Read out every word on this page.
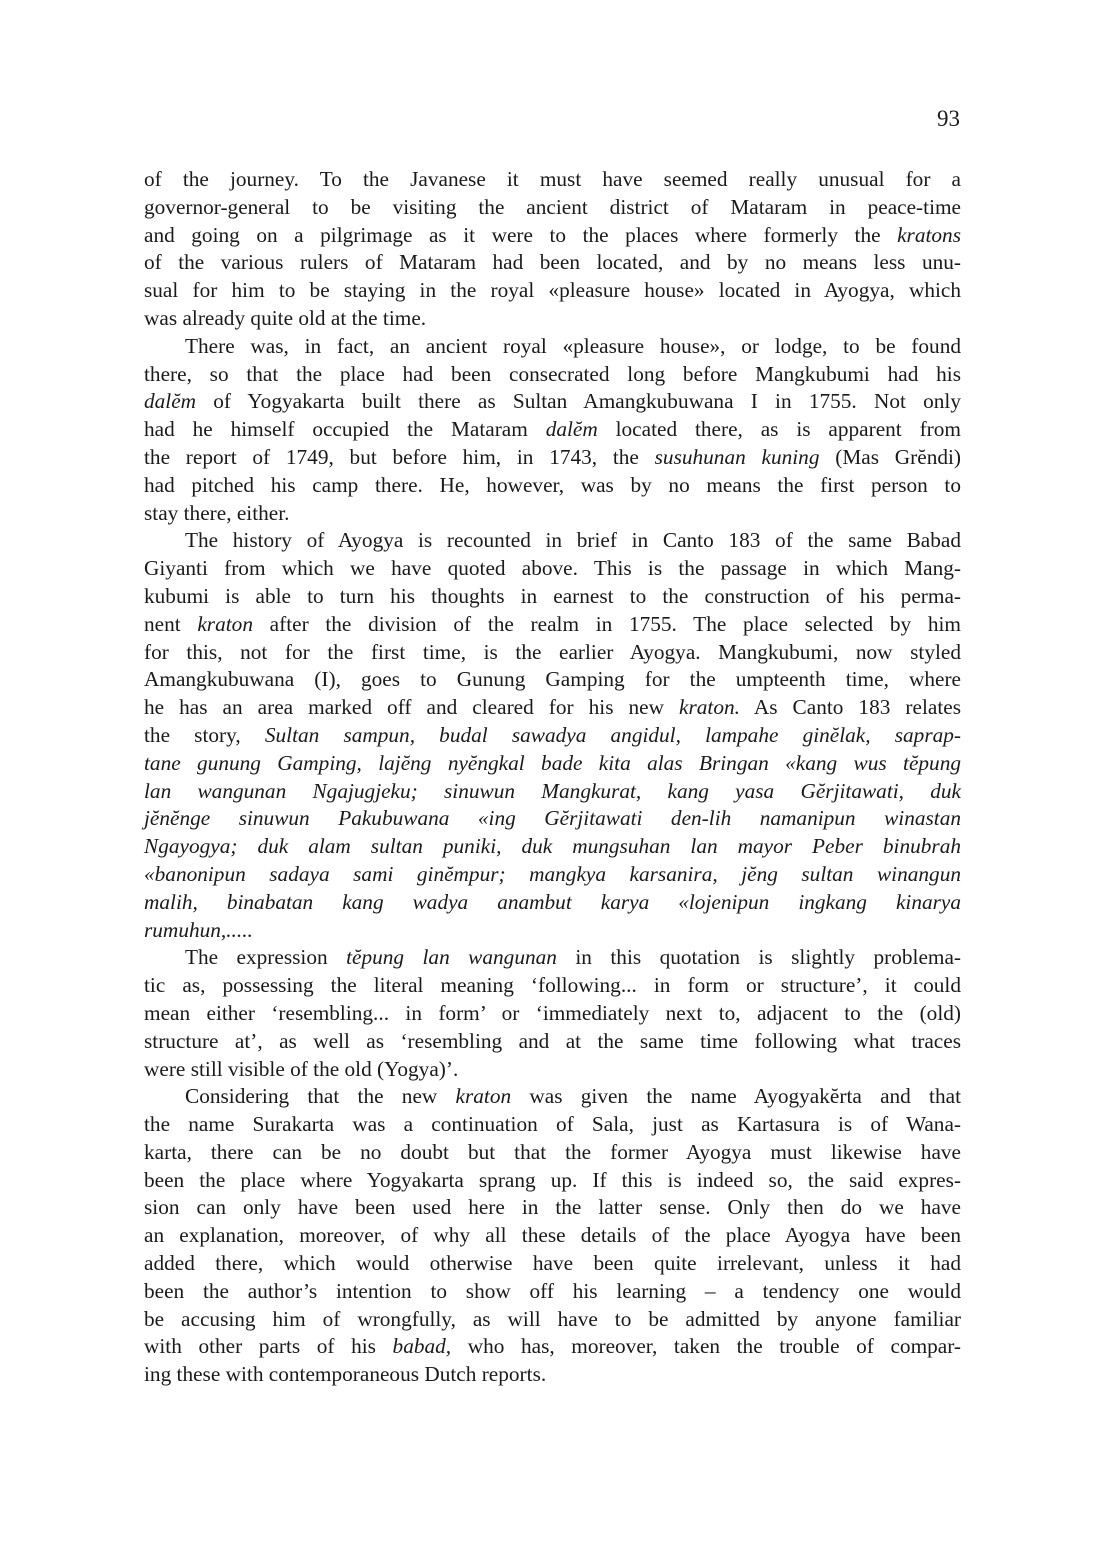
93
of the journey. To the Javanese it must have seemed really unusual for a
governor-general to be visiting the ancient district of Mataram in peace-time
and going on a pilgrimage as it were to the places where formerly the kratons
of the various rulers of Mataram had been located, and by no means less unu-
sual for him to be staying in the royal «pleasure house» located in Ayogya, which
was already quite old at the time.
There was, in fact, an ancient royal «pleasure house», or lodge, to be found
there, so that the place had been consecrated long before Mangkubumi had his
dalĕm of Yogyakarta built there as Sultan Amangkubuwana I in 1755. Not only
had he himself occupied the Mataram dalĕm located there, as is apparent from
the report of 1749, but before him, in 1743, the susuhunan kuning (Mas Grĕndi)
had pitched his camp there. He, however, was by no means the first person to
stay there, either.
The history of Ayogya is recounted in brief in Canto 183 of the same Babad
Giyanti from which we have quoted above. This is the passage in which Mang-
kubumi is able to turn his thoughts in earnest to the construction of his perma-
nent kraton after the division of the realm in 1755. The place selected by him
for this, not for the first time, is the earlier Ayogya. Mangkubumi, now styled
Amangkubuwana (I), goes to Gunung Gamping for the umpteenth time, where
he has an area marked off and cleared for his new kraton. As Canto 183 relates
the story, Sultan sampun, budal sawadya angidul, lampahe ginĕlak, saprap-
tane gunung Gamping, lajĕng nyĕngkal bade kita alas Bringan «kang wus tĕpung
lan wangunan Ngajugjeku; sinuwun Mangkurat, kang yasa Gĕrjitawati, duk
jĕnĕnge sinuwun Pakubuwana «ing Gĕrjitawati den-lih namanipun winastan
Ngayogya; duk alam sultan puniki, duk mungsuhan lan mayor Peber binubrah
«banonipun sadaya sami ginĕmpur; mangkya karsanira, jĕng sultan winangun
malih, binabatan kang wadya anambut karya «lojenipun ingkang kinarya
rumuhun,.....
The expression tĕpung lan wangunan in this quotation is slightly problema-
tic as, possessing the literal meaning ‘following... in form or structure’, it could
mean either ‘resembling... in form’ or ‘immediately next to, adjacent to the (old)
structure at’, as well as ‘resembling and at the same time following what traces
were still visible of the old (Yogya)’.
Considering that the new kraton was given the name Ayogyakĕrta and that
the name Surakarta was a continuation of Sala, just as Kartasura is of Wana-
karta, there can be no doubt but that the former Ayogya must likewise have
been the place where Yogyakarta sprang up. If this is indeed so, the said expres-
sion can only have been used here in the latter sense. Only then do we have
an explanation, moreover, of why all these details of the place Ayogya have been
added there, which would otherwise have been quite irrelevant, unless it had
been the author’s intention to show off his learning – a tendency one would
be accusing him of wrongfully, as will have to be admitted by anyone familiar
with other parts of his babad, who has, moreover, taken the trouble of compar-
ing these with contemporaneous Dutch reports.
